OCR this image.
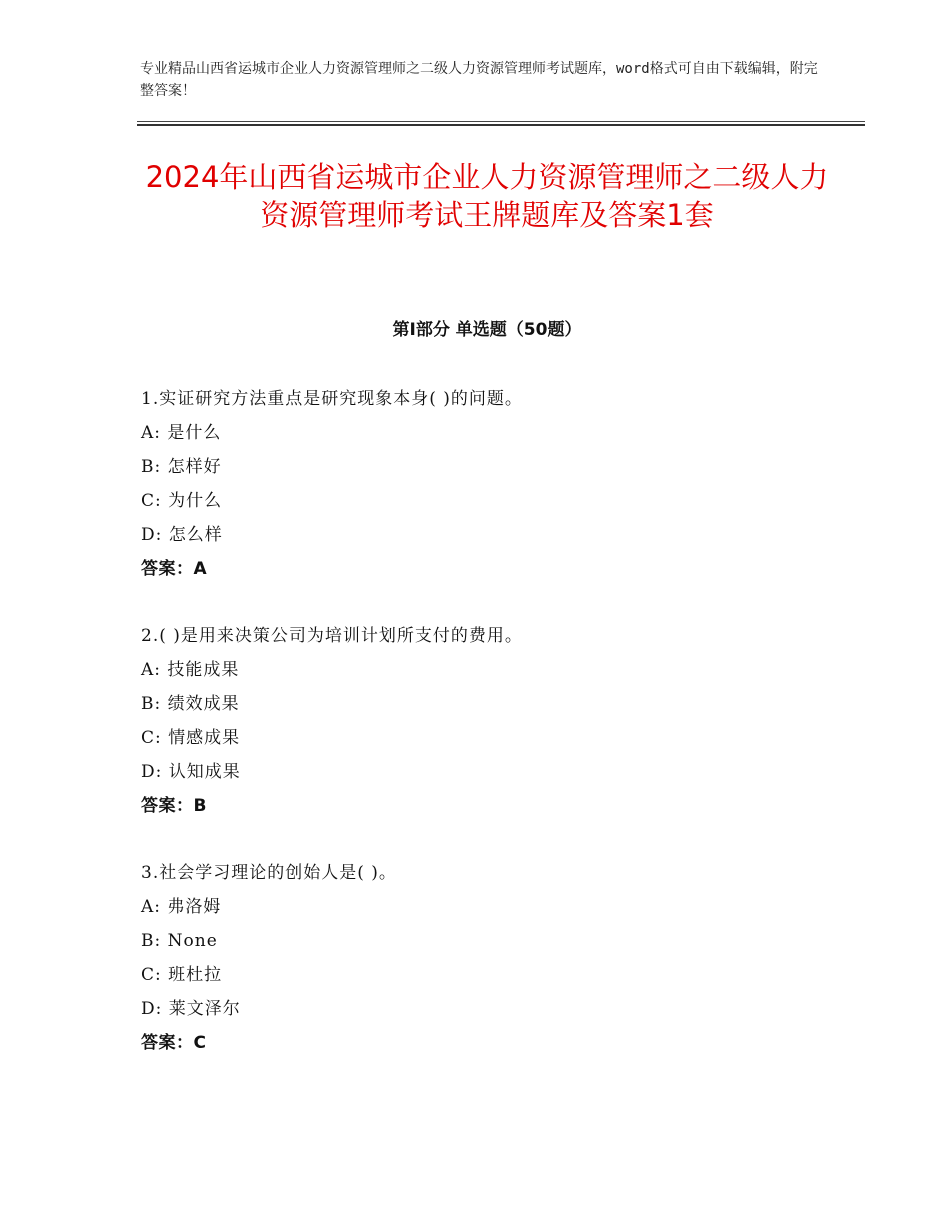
专业精品山西省运城市企业人力资源管理师之二级人力资源管理师考试题库，word格式可自由下载编辑，附完整答案！
2024年山西省运城市企业人力资源管理师之二级人力资源管理师考试王牌题库及答案1套
第Ⅰ部分 单选题（50题）
1.实证研究方法重点是研究现象本身( )的问题。
A: 是什么
B: 怎样好
C: 为什么
D: 怎么样
答案：A
2.( )是用来决策公司为培训计划所支付的费用。
A: 技能成果
B: 绩效成果
C: 情感成果
D: 认知成果
答案：B
3.社会学习理论的创始人是( )。
A: 弗洛姆
B: None
C: 班杜拉
D: 莱文泽尔
答案：C
